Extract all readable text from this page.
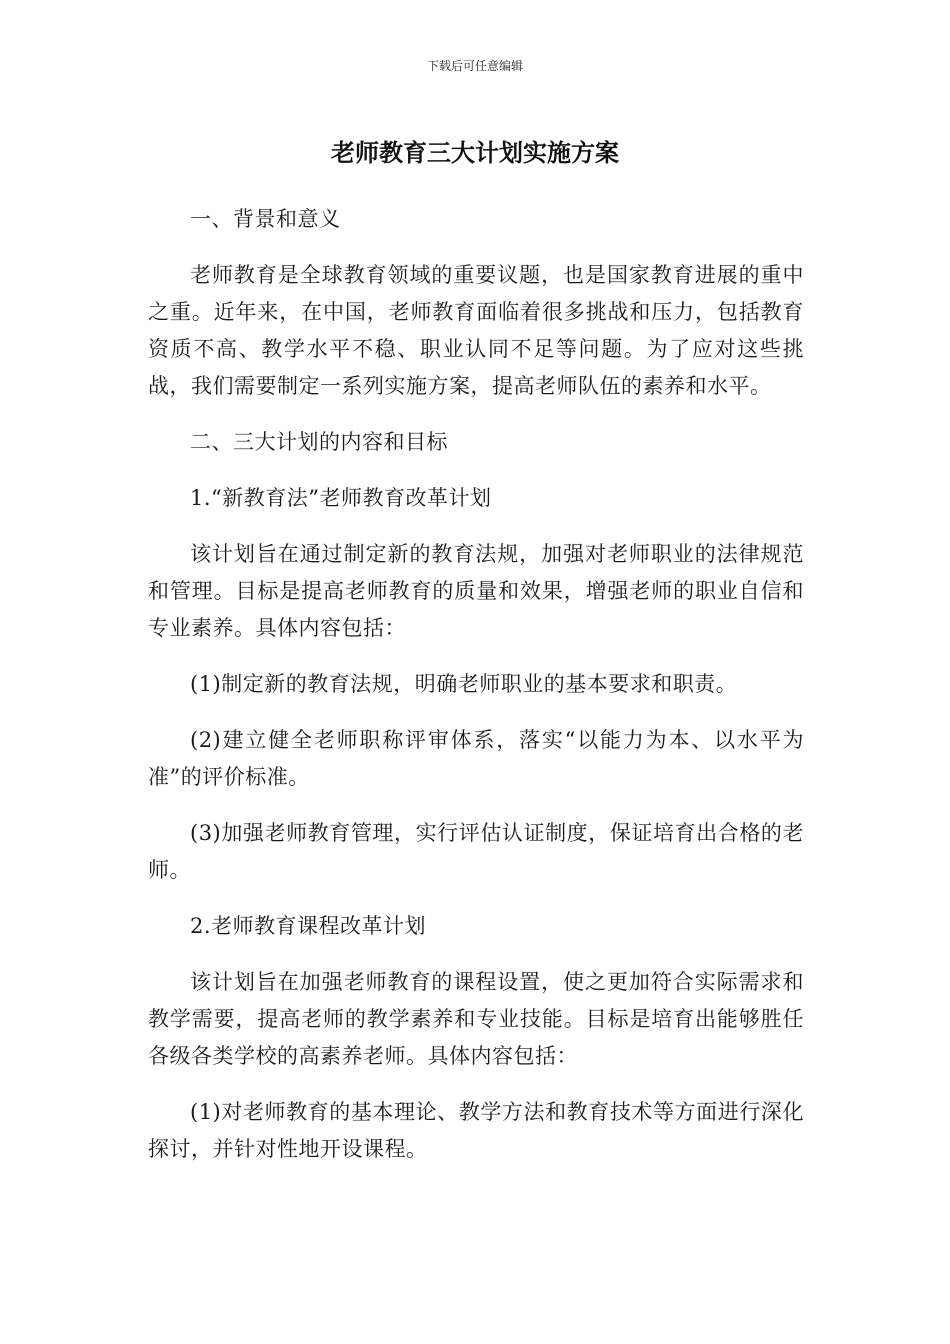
下载后可任意编辑
老师教育三大计划实施方案

一、背景和意义

老师教育是全球教育领域的重要议题，也是国家教育进展的重中之重。近年来，在中国，老师教育面临着很多挑战和压力，包括教育资质不高、教学水平不稳、职业认同不足等问题。为了应对这些挑战，我们需要制定一系列实施方案，提高老师队伍的素养和水平。

二、三大计划的内容和目标

1.“新教育法”老师教育改革计划

该计划旨在通过制定新的教育法规，加强对老师职业的法律规范和管理。目标是提高老师教育的质量和效果，增强老师的职业自信和专业素养。具体内容包括：

(1)制定新的教育法规，明确老师职业的基本要求和职责。

(2)建立健全老师职称评审体系，落实“以能力为本、以水平为准”的评价标准。

(3)加强老师教育管理，实行评估认证制度，保证培育出合格的老师。

2.老师教育课程改革计划

该计划旨在加强老师教育的课程设置，使之更加符合实际需求和教学需要，提高老师的教学素养和专业技能。目标是培育出能够胜任各级各类学校的高素养老师。具体内容包括：

(1)对老师教育的基本理论、教学方法和教育技术等方面进行深化探讨，并针对性地开设课程。
